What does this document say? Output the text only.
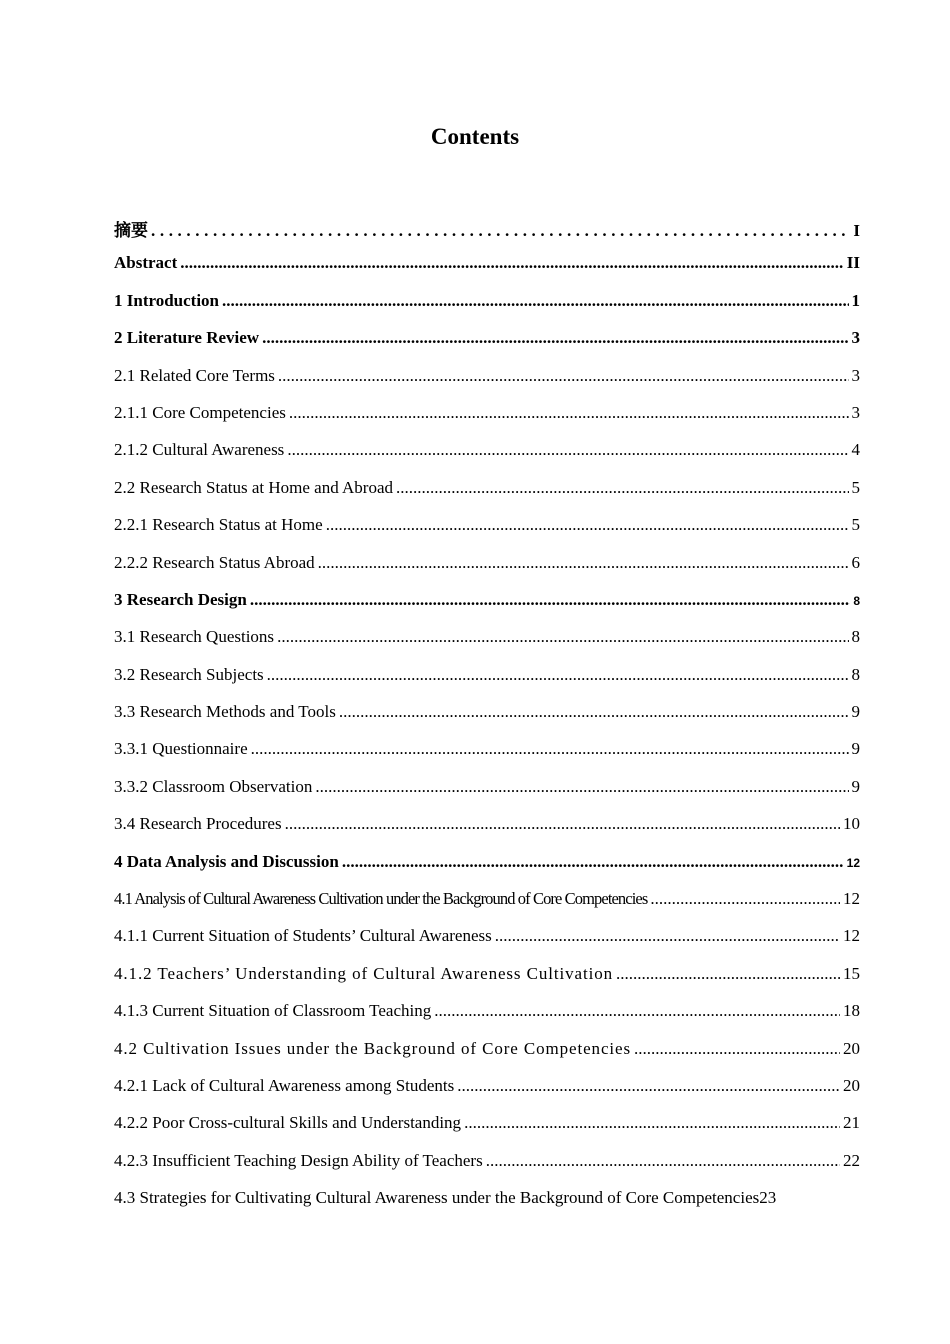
Contents
摘要 .....	I
Abstract .....	II
1 Introduction .....	1
2 Literature Review .....	3
2.1 Related Core Terms .....	3
2.1.1 Core Competencies .....	3
2.1.2 Cultural Awareness .....	4
2.2 Research Status at Home and Abroad .....	5
2.2.1 Research Status at Home .....	5
2.2.2 Research Status Abroad .....	6
3 Research Design .....	8
3.1 Research Questions .....	8
3.2 Research Subjects .....	8
3.3 Research Methods and Tools .....	9
3.3.1 Questionnaire .....	9
3.3.2 Classroom Observation .....	9
3.4 Research Procedures .....	10
4 Data Analysis and Discussion .....	12
4.1 Analysis of Cultural Awareness Cultivation under the Background of Core Competencies .....	12
4.1.1 Current Situation of Students’ Cultural Awareness .....	12
4.1.2 Teachers’ Understanding of Cultural Awareness Cultivation .....	15
4.1.3 Current Situation of Classroom Teaching .....	18
4.2 Cultivation Issues under the Background of Core Competencies .....	20
4.2.1 Lack of Cultural Awareness among Students .....	20
4.2.2 Poor Cross-cultural Skills and Understanding .....	21
4.2.3 Insufficient Teaching Design Ability of Teachers .....	22
4.3 Strategies for Cultivating Cultural Awareness under the Background of Core Competencies 23
